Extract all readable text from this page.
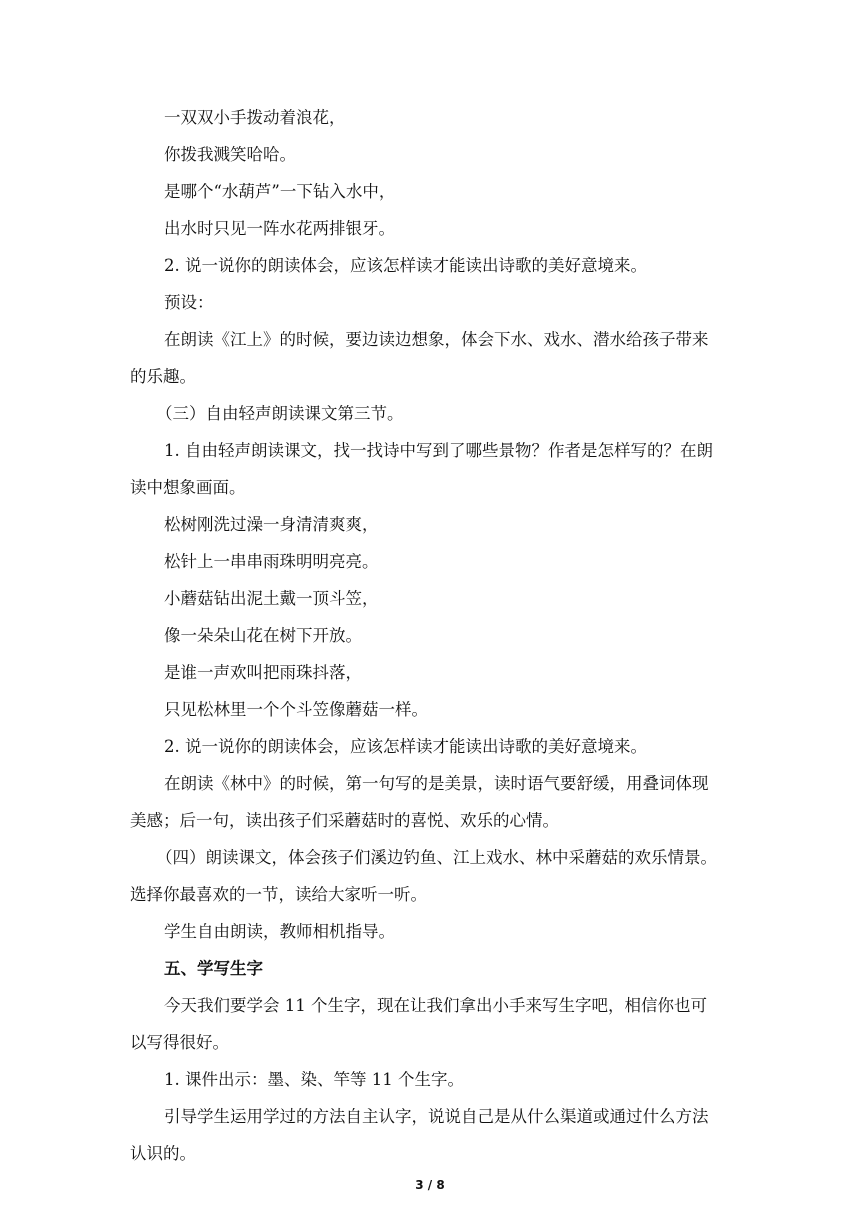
一双双小手拨动着浪花，
你拨我溅笑哈哈。
是哪个“水葫芦”一下钻入水中，
出水时只见一阵水花两排银牙。
2. 说一说你的朗读体会，应该怎样读才能读出诗歌的美好意境来。
预设：
在朗读《江上》的时候，要边读边想象，体会下水、戏水、潜水给孩子带来
的乐趣。
（三）自由轻声朗读课文第三节。
1. 自由轻声朗读课文，找一找诗中写到了哪些景物？作者是怎样写的？在朗
读中想象画面。
松树刚洗过澡一身清清爽爽，
松针上一串串雨珠明明亮亮。
小蘑菇钻出泥土戴一顶斗笠，
像一朵朵山花在树下开放。
是谁一声欢叫把雨珠抖落，
只见松林里一个个斗笠像蘑菇一样。
2. 说一说你的朗读体会，应该怎样读才能读出诗歌的美好意境来。
在朗读《林中》的时候，第一句写的是美景，读时语气要舒缓，用叠词体现
美感；后一句，读出孩子们采蘑菇时的喜悦、欢乐的心情。
（四）朗读课文，体会孩子们溪边钓鱼、江上戏水、林中采蘑菇的欢乐情景。
选择你最喜欢的一节，读给大家听一听。
学生自由朗读，教师相机指导。
五、学写生字
今天我们要学会 11 个生字，现在让我们拿出小手来写生字吧，相信你也可
以写得很好。
1. 课件出示：墨、染、竿等 11 个生字。
引导学生运用学过的方法自主认字，说说自己是从什么渠道或通过什么方法
认识的。
3 / 8
